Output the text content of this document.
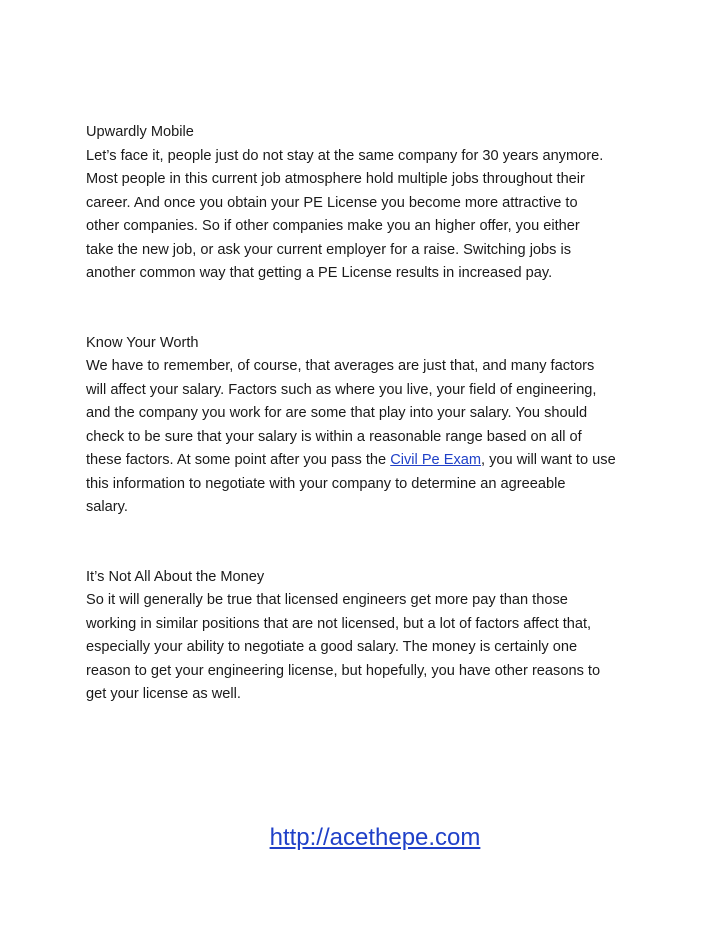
Upwardly Mobile

Let’s face it, people just do not stay at the same company for 30 years anymore.
Most people in this current job atmosphere hold multiple jobs throughout their
career. And once you obtain your PE License you become more attractive to
other companies. So if other companies make you an higher offer, you either
take the new job, or ask your current employer for a raise. Switching jobs is
another common way that getting a PE License results in increased pay.

Know Your Worth

We have to remember, of course, that averages are just that, and many factors
will affect your salary. Factors such as where you live, your field of engineering,
and the company you work for are some that play into your salary. You should
check to be sure that your salary is within a reasonable range based on all of
these factors. At some point after you pass the Civil Pe Exam, you will want to use
this information to negotiate with your company to determine an agreeable
salary.

It’s Not All About the Money

So it will generally be true that licensed engineers get more pay than those
working in similar positions that are not licensed, but a lot of factors affect that,
especially your ability to negotiate a good salary. The money is certainly one
reason to get your engineering license, but hopefully, you have other reasons to
get your license as well.
http://acethepe.com
